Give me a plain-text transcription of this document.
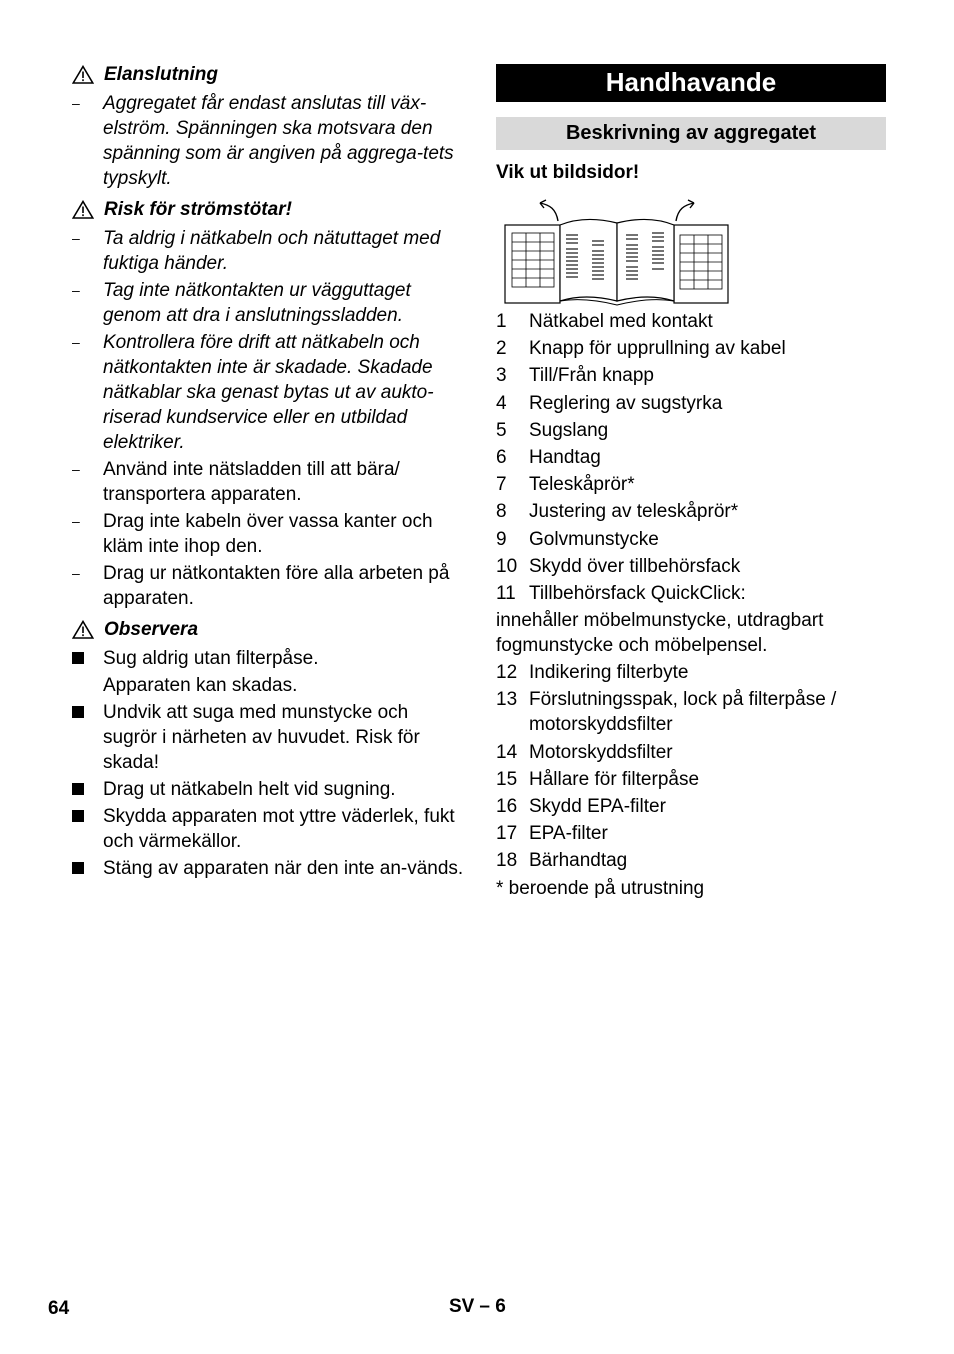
Elanslutning
–	Aggregatet får endast anslutas till väx-elström. Spänningen ska motsvara den spänning som är angiven på aggrega-tets typskylt.
Risk för strömstötar!
–	Ta aldrig i nätkabeln och nätuttaget med fuktiga händer.
–	Tag inte nätkontakten ur vägguttaget genom att dra i anslutningssladden.
–	Kontrollera före drift att nätkabeln och nätkontakten inte är skadade. Skadade nätkablar ska genast bytas ut av aukto-riserad kundservice eller en utbildad elektriker.
–	Använd inte nätsladden till att bära/ transportera apparaten.
–	Drag inte kabeln över vassa kanter och kläm inte ihop den.
–	Drag ur nätkontakten före alla arbeten på apparaten.
Observera
Sug aldrig utan filterpåse.
Apparaten kan skadas.
Undvik att suga med munstycke och sugrör i närheten av huvudet. Risk för skada!
Drag ut nätkabeln helt vid sugning.
Skydda apparaten mot yttre väderlek, fukt och värmekällor.
Stäng av apparaten när den inte an-vänds.
Handhavande
Beskrivning av aggregatet
Vik ut bildsidor!
1	Nätkabel med kontakt
2	Knapp för upprullning av kabel
3	Till/Från knapp
4	Reglering av sugstyrka
5	Sugslang
6	Handtag
7	Teleskåprör*
8	Justering av teleskåprör*
9	Golvmunstycke
10 Skydd över tillbehörsfack
11 Tillbehörsfack QuickClick:
innehåller möbelmunstycke, utdragbart fogmunstycke och möbelpensel.
12 Indikering filterbyte
13 Förslutningsspak, lock på filterpåse / motorskyddsfilter
14 Motorskyddsfilter
15 Hållare för filterpåse
16 Skydd EPA-filter
17 EPA-filter
18 Bärhandtag
* beroende på utrustning
64	SV – 6
